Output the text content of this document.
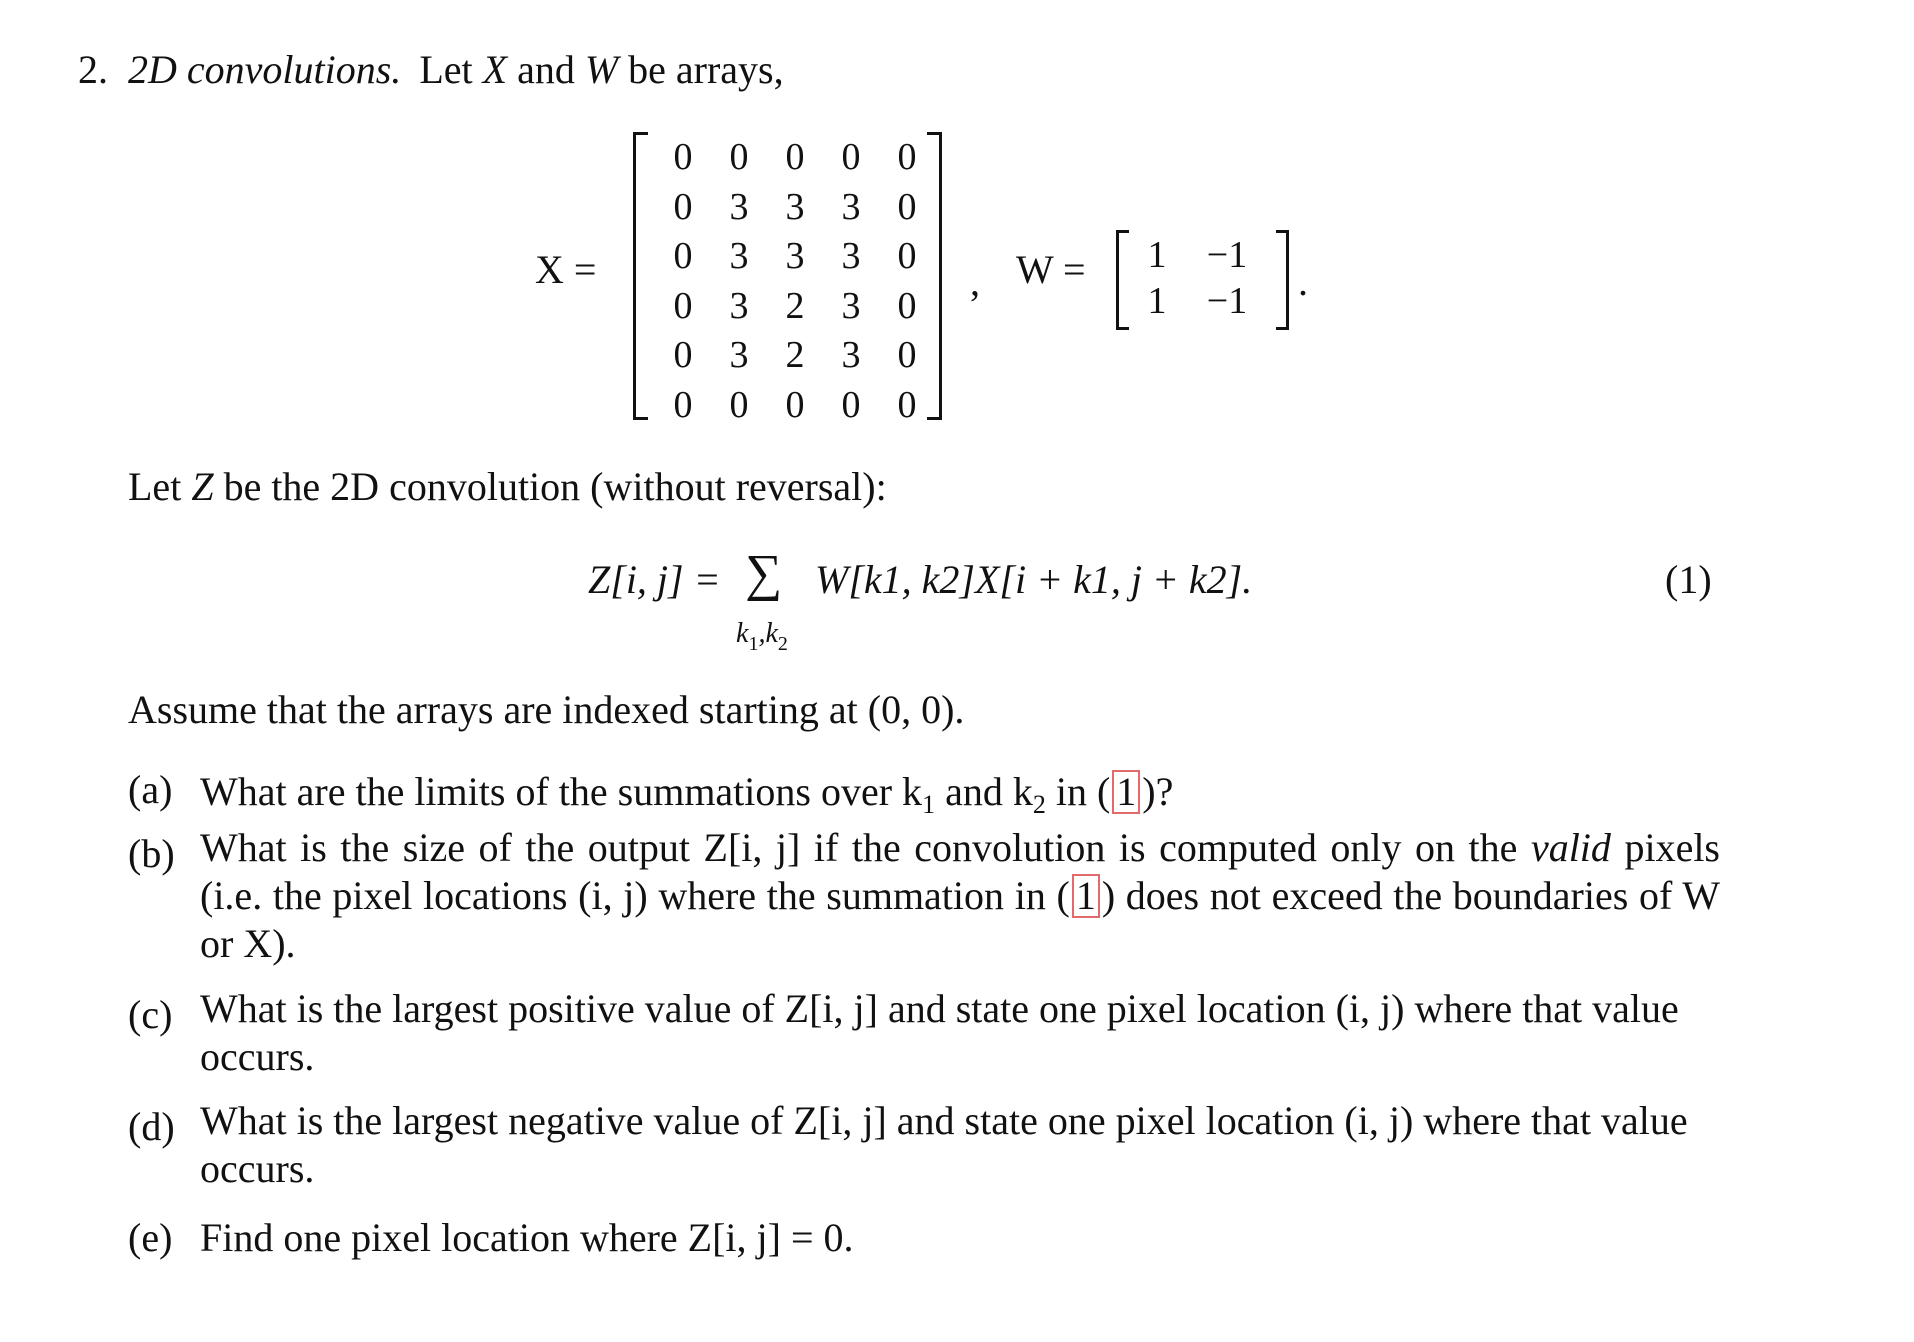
2. 2D convolutions. Let X and W be arrays,
X =
0 0 0 0 0
0 3 3 3 0
0 3 3 3 0
0 3 2 3 0
0 3 2 3 0
0 0 0 0 0
, W =	1	−1
1	−1	.
Let Z be the 2D convolution (without reversal):
Z[i, j] = ∑
$k_1,k_2$
W[k1, k2]X[i + k1, j + k2].	(1)
Assume that the arrays are indexed starting at (0, 0).
(a) What are the limits of the summations over $k_1$ and $k_2$ in ( 1 )?
(b) What is the size of the output Z[i, j] if the convolution is computed only on the valid pixels (i.e. the pixel locations (i, j) where the summation in ( 1 ) does not exceed the boundaries of W or X).
(c) What is the largest positive value of Z[i, j] and state one pixel location (i, j) where that value occurs.
(d) What is the largest negative value of Z[i, j] and state one pixel location (i, j) where that value occurs.
(e) Find one pixel location where Z[i, j] = 0.
